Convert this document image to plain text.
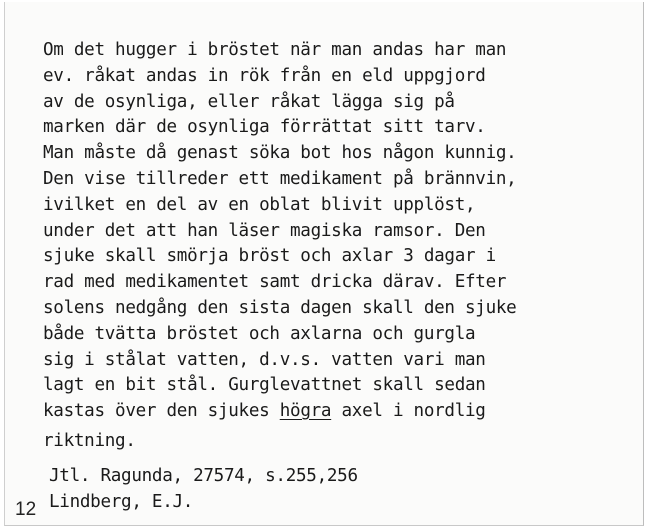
Om det hugger i bröstet när man andas har man
ev. råkat andas in rök från en eld uppgjord
av de osynliga, eller råkat lägga sig på
marken där de osynliga förrättat sitt tarv.
Man måste då genast söka bot hos någon kunnig.
Den vise tillreder ett medikament på brännvin,
ivilket en del av en oblat blivit upplöst,
under det att han läser magiska ramsor. Den
sjuke skall smörja bröst och axlar 3 dagar i
rad med medikamentet samt dricka därav. Efter
solens nedgång den sista dagen skall den sjuke
både tvätta bröstet och axlarna och gurgla
sig i stålat vatten, d.v.s. vatten vari man
lagt en bit stål. Gurglevattnet skall sedan
kastas över den sjukes högra axel i nordlig
riktning.
Jtl. Ragunda, 27574, s.255,256
Lindberg, E.J.
12
